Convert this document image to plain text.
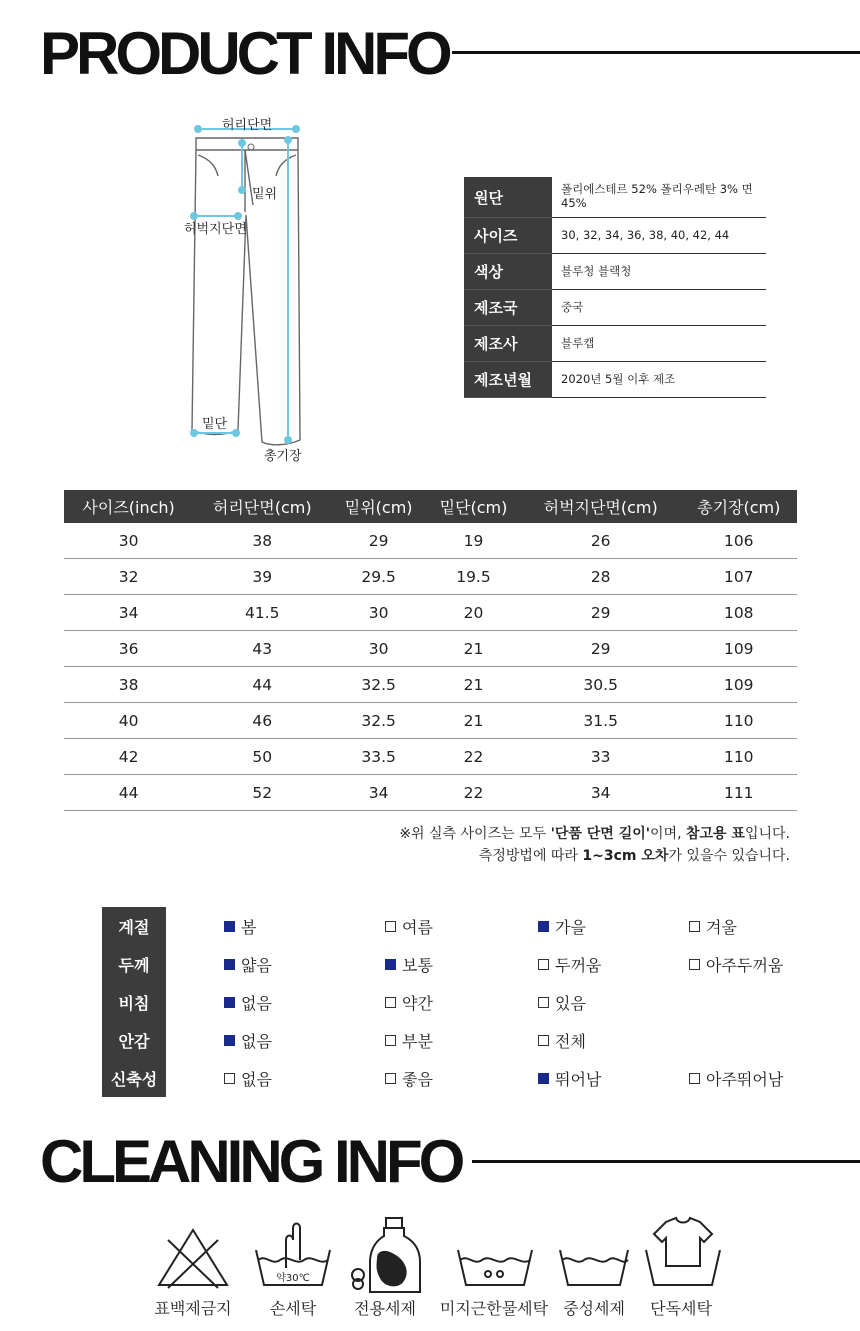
PRODUCT INFO
허리단면
밑위
허벅지단면
밑단
총기장
원단	폴리에스테르 52% 폴리우레탄 3% 면 45%
사이즈	30, 32, 34, 36, 38, 40, 42, 44
색상	블루청 블랙청
제조국	중국
제조사	블루캡
제조년월	2020년 5월 이후 제조
사이즈(inch)	허리단면(cm)	밑위(cm)	밑단(cm)	허벅지단면(cm)	총기장(cm)
30	38	29	19	26	106
32	39	29.5	19.5	28	107
34	41.5	30	20	29	108
36	43	30	21	29	109
38	44	32.5	21	30.5	109
40	46	32.5	21	31.5	110
42	50	33.5	22	33	110
44	52	34	22	34	111
※위 실측 사이즈는 모두 '단품 단면 길이'이며, 참고용 표입니다.
측정방법에 따라 1~3cm 오차가 있을수 있습니다.
계절	봄	여름	가을	겨울
두께	얇음	보통	두꺼움	아주두꺼움
비침	없음	약간	있음
안감	없음	부분	전체
신축성	없음	좋음	뛰어남	아주뛰어남
CLEANING INFO
약30℃
표백제금지 손세탁 전용세제 미지근한물세탁 중성세제 단독세탁
